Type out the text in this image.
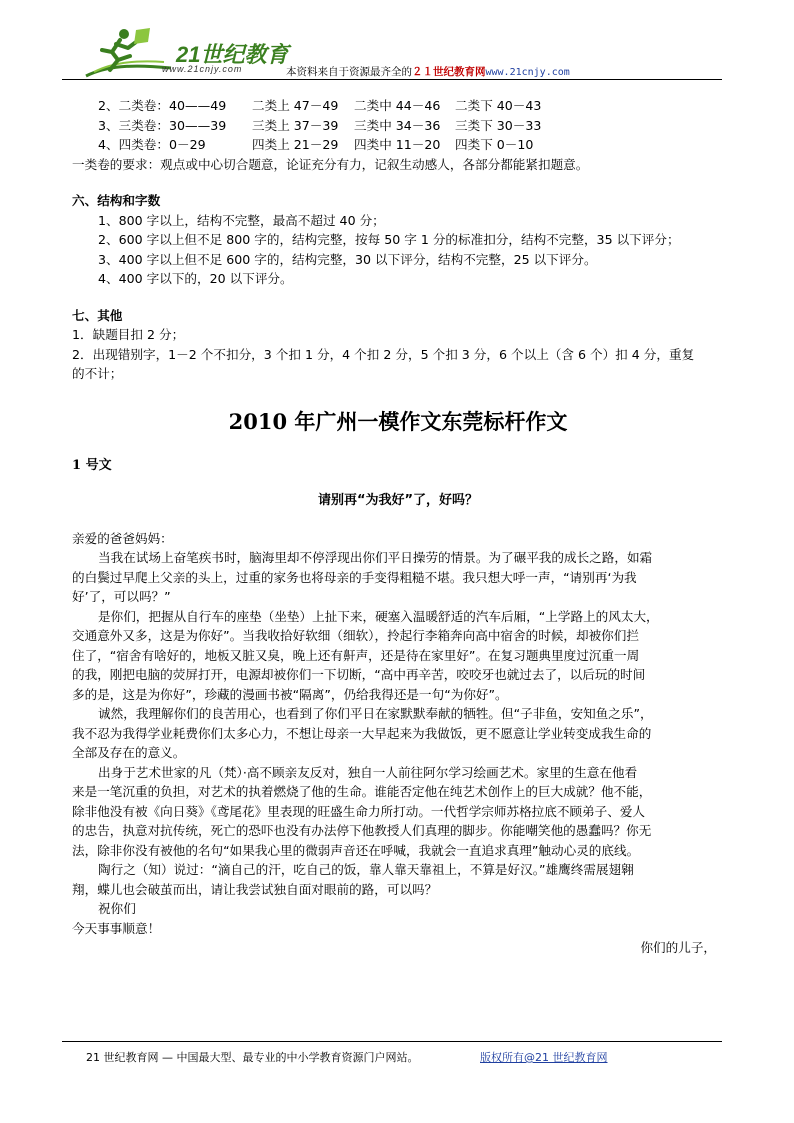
21世纪教育
www.21cnjy.com	本资料来自于资源最齐全的２１世纪教育网www.21cnjy.com
2、二类卷：40——49 二类上 47－49 二类中 44－46 二类下 40－43
3、三类卷：30——39 三类上 37－39 三类中 34－36 三类下 30－33
4、四类卷：0－29	四类上 21－29 四类中 11－20 四类下 0－10
一类卷的要求：观点或中心切合题意，论证充分有力，记叙生动感人，各部分都能紧扣题意。
六、结构和字数
1、800 字以上，结构不完整，最高不超过 40 分；
2、600 字以上但不足 800 字的，结构完整，按每 50 字 1 分的标准扣分，结构不完整，35 以下评分；
3、400 字以上但不足 600 字的，结构完整，30 以下评分，结构不完整，25 以下评分。
4、400 字以下的，20 以下评分。
七、其他
1．缺题目扣 2 分；
2．出现错别字，1－2 个不扣分，3 个扣 1 分，4 个扣 2 分，5 个扣 3 分，6 个以上（含 6 个）扣 4 分，重复
的不计；
2010 年广州一模作文东莞标杆作文
1 号文
请别再“为我好”了，好吗？
亲爱的爸爸妈妈：
当我在试场上奋笔疾书时，脑海里却不停浮现出你们平日操劳的情景。为了碾平我的成长之路，如霜
的白鬓过早爬上父亲的头上，过重的家务也将母亲的手变得粗糙不堪。我只想大呼一声，“请别再‘为我
好’了，可以吗？”
是你们，把握从自行车的座垫（坐垫）上扯下来，硬塞入温暖舒适的汽车后厢，“上学路上的风太大，
交通意外又多，这是为你好”。当我收拾好软细（细软），拎起行李箱奔向高中宿舍的时候，却被你们拦
住了，“宿舍有啥好的，地板又脏又臭，晚上还有鼾声，还是待在家里好”。在复习题典里度过沉重一周
的我，刚把电脑的荧屏打开，电源却被你们一下切断，“高中再辛苦，咬咬牙也就过去了，以后玩的时间
多的是，这是为你好”，珍藏的漫画书被“隔离”，仍给我得还是一句“为你好”。
诚然，我理解你们的良苦用心，也看到了你们平日在家默默奉献的牺牲。但“子非鱼，安知鱼之乐”，
我不忍为我得学业耗费你们太多心力，不想让母亲一大早起来为我做饭，更不愿意让学业转变成我生命的
全部及存在的意义。
出身于艺术世家的凡（梵）·高不顾亲友反对，独自一人前往阿尔学习绘画艺术。家里的生意在他看
来是一笔沉重的负担，对艺术的执着燃烧了他的生命。谁能否定他在纯艺术创作上的巨大成就？他不能，
除非他没有被《向日葵》《鸢尾花》里表现的旺盛生命力所打动。一代哲学宗师苏格拉底不顾弟子、爱人
的忠告，执意对抗传统，死亡的恐吓也没有办法停下他教授人们真理的脚步。你能嘲笑他的愚蠢吗？你无
法，除非你没有被他的名句“如果我心里的微弱声音还在呼喊，我就会一直追求真理”触动心灵的底线。
陶行之（知）说过：“滴自己的汗，吃自己的饭，靠人靠天靠祖上，不算是好汉。”雄鹰终需展翅翱
翔，蝶儿也会破茧而出，请让我尝试独自面对眼前的路，可以吗？
祝你们
今天事事顺意！
你们的儿子，
21 世纪教育网 — 中国最大型、最专业的中小学教育资源门户网站。	版权所有@21 世纪教育网
